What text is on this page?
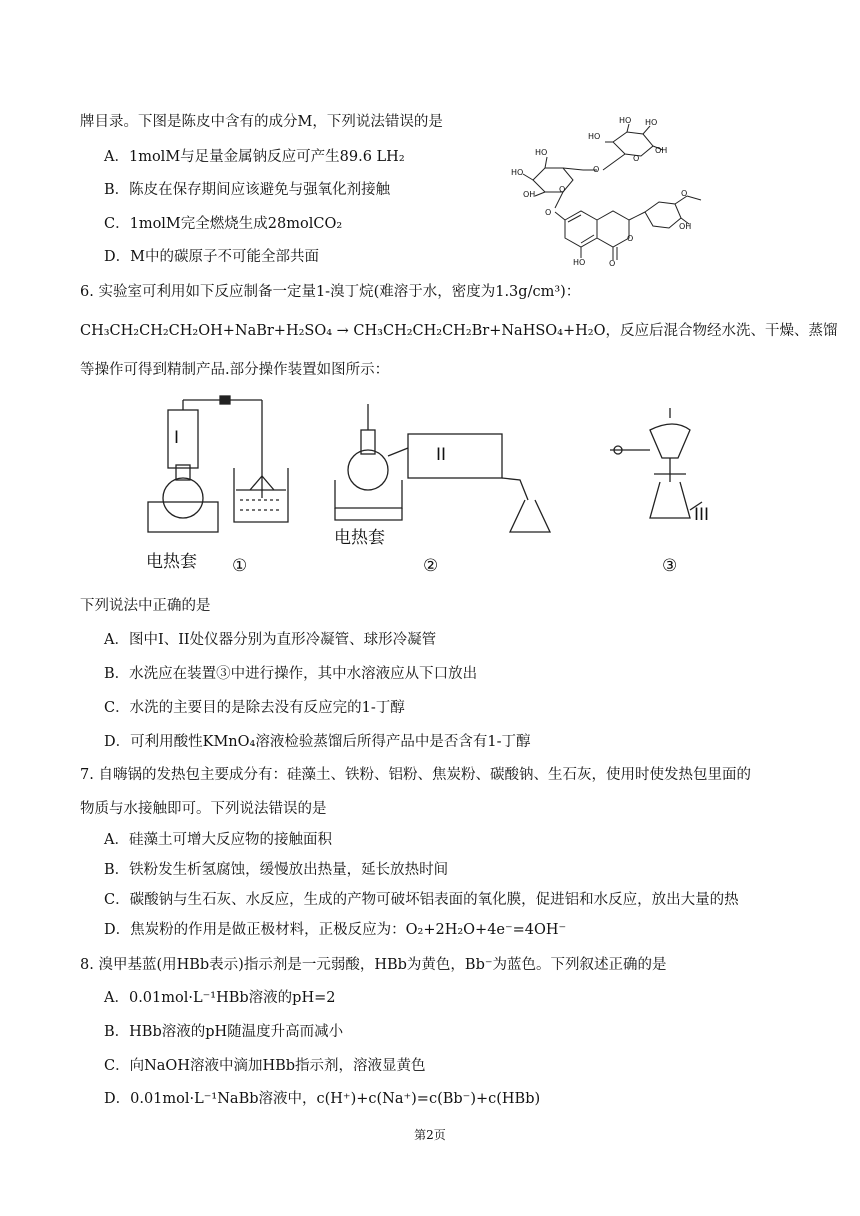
牌目录。下图是陈皮中含有的成分M，下列说法错误的是
A．1molM与足量金属钠反应可产生89.6 LH₂
B．陈皮在保存期间应该避免与强氧化剂接触
C．1molM完全燃烧生成28molCO₂
D．M中的碳原子不可能全部共面
HO
HO HO
HO
O
O
O
HO
O
OH
OH
O
O
HO
O
OH
6. 实验室可利用如下反应制备一定量1-溴丁烷(难溶于水，密度为1.3g/cm³)：
CH₃CH₂CH₂CH₂OH+NaBr+H₂SO₄ → CH₃CH₂CH₂CH₂Br+NaHSO₄+H₂O，反应后混合物经水洗、干燥、蒸馏
等操作可得到精制产品.部分操作装置如图所示：
I
II
III
电热套
电热套
①	②	③
下列说法中正确的是
A．图中I、II处仪器分别为直形冷凝管、球形冷凝管
B．水洗应在装置③中进行操作，其中水溶液应从下口放出
C．水洗的主要目的是除去没有反应完的1-丁醇
D．可利用酸性KMnO₄溶液检验蒸馏后所得产品中是否含有1-丁醇
7. 自嗨锅的发热包主要成分有：硅藻土、铁粉、铝粉、焦炭粉、碳酸钠、生石灰，使用时使发热包里面的
物质与水接触即可。下列说法错误的是
A．硅藻土可增大反应物的接触面积
B．铁粉发生析氢腐蚀，缓慢放出热量，延长放热时间
C．碳酸钠与生石灰、水反应，生成的产物可破坏铝表面的氧化膜，促进铝和水反应，放出大量的热
D．焦炭粉的作用是做正极材料，正极反应为：O₂+2H₂O+4e⁻=4OH⁻
8. 溴甲基蓝(用HBb表示)指示剂是一元弱酸，HBb为黄色，Bb⁻为蓝色。下列叙述正确的是
A．0.01mol·L⁻¹HBb溶液的pH=2
B．HBb溶液的pH随温度升高而减小
C．向NaOH溶液中滴加HBb指示剂，溶液显黄色
D．0.01mol·L⁻¹NaBb溶液中，c(H⁺)+c(Na⁺)=c(Bb⁻)+c(HBb)
第2页
